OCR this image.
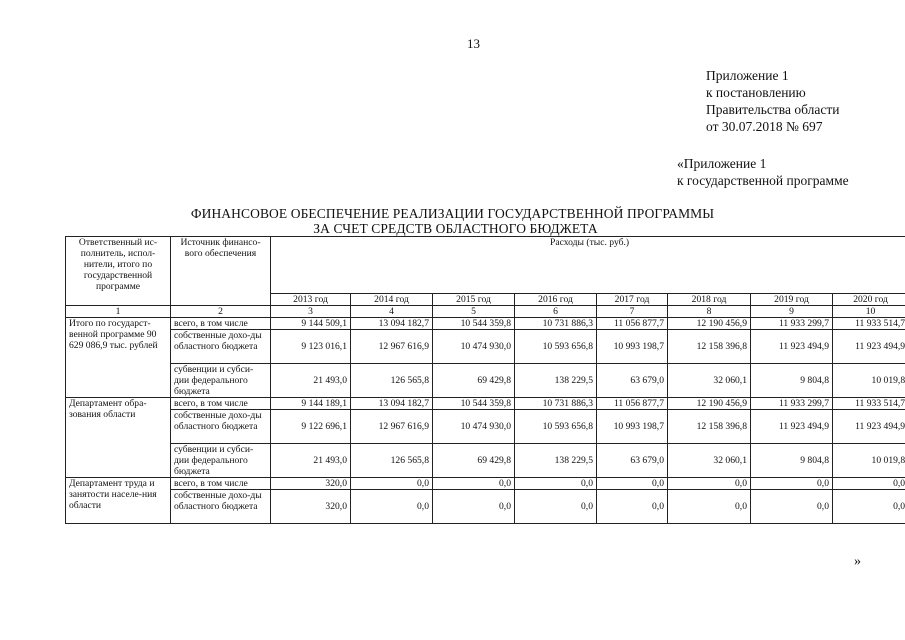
13
Приложение 1
к постановлению
Правительства области
от 30.07.2018 № 697
«Приложение 1
к государственной программе
ФИНАНСОВОЕ ОБЕСПЕЧЕНИЕ РЕАЛИЗАЦИИ ГОСУДАРСТВЕННОЙ ПРОГРАММЫ
ЗА СЧЕТ СРЕДСТВ ОБЛАСТНОГО БЮДЖЕТА
Ответственный ис-полнитель, испол-нители, итого по государственной программе	Источник финансо-вого обеспечения	Расходы (тыс. руб.)							
		2013 год	2014 год	2015 год	2016 год	2017 год	2018 год	2019 год	2020 год
1	2	3	4	5	6	7	8	9	10
Итого по государст-венной программе 90 629 086,9 тыс. рублей	всего, в том числе	9 144 509,1	13 094 182,7	10 544 359,8	10 731 886,3	11 056 877,7	12 190 456,9	11 933 299,7	11 933 514,7
	собственные дохо-ды областного бюджета	9 123 016,1	12 967 616,9	10 474 930,0	10 593 656,8	10 993 198,7	12 158 396,8	11 923 494,9	11 923 494,9
	субвенции и субси-дии федерального бюджета	21 493,0	126 565,8	69 429,8	138 229,5	63 679,0	32 060,1	9 804,8	10 019,8
Департамент обра-зования области	всего, в том числе	9 144 189,1	13 094 182,7	10 544 359,8	10 731 886,3	11 056 877,7	12 190 456,9	11 933 299,7	11 933 514,7
	собственные дохо-ды областного бюджета	9 122 696,1	12 967 616,9	10 474 930,0	10 593 656,8	10 993 198,7	12 158 396,8	11 923 494,9	11 923 494,9
	субвенции и субси-дии федерального бюджета	21 493,0	126 565,8	69 429,8	138 229,5	63 679,0	32 060,1	9 804,8	10 019,8
Департамент труда и занятости населе-ния области	всего, в том числе	320,0	0,0	0,0	0,0	0,0	0,0	0,0	0,0
	собственные дохо-ды областного бюджета	320,0	0,0	0,0	0,0	0,0	0,0	0,0	0,0
»
